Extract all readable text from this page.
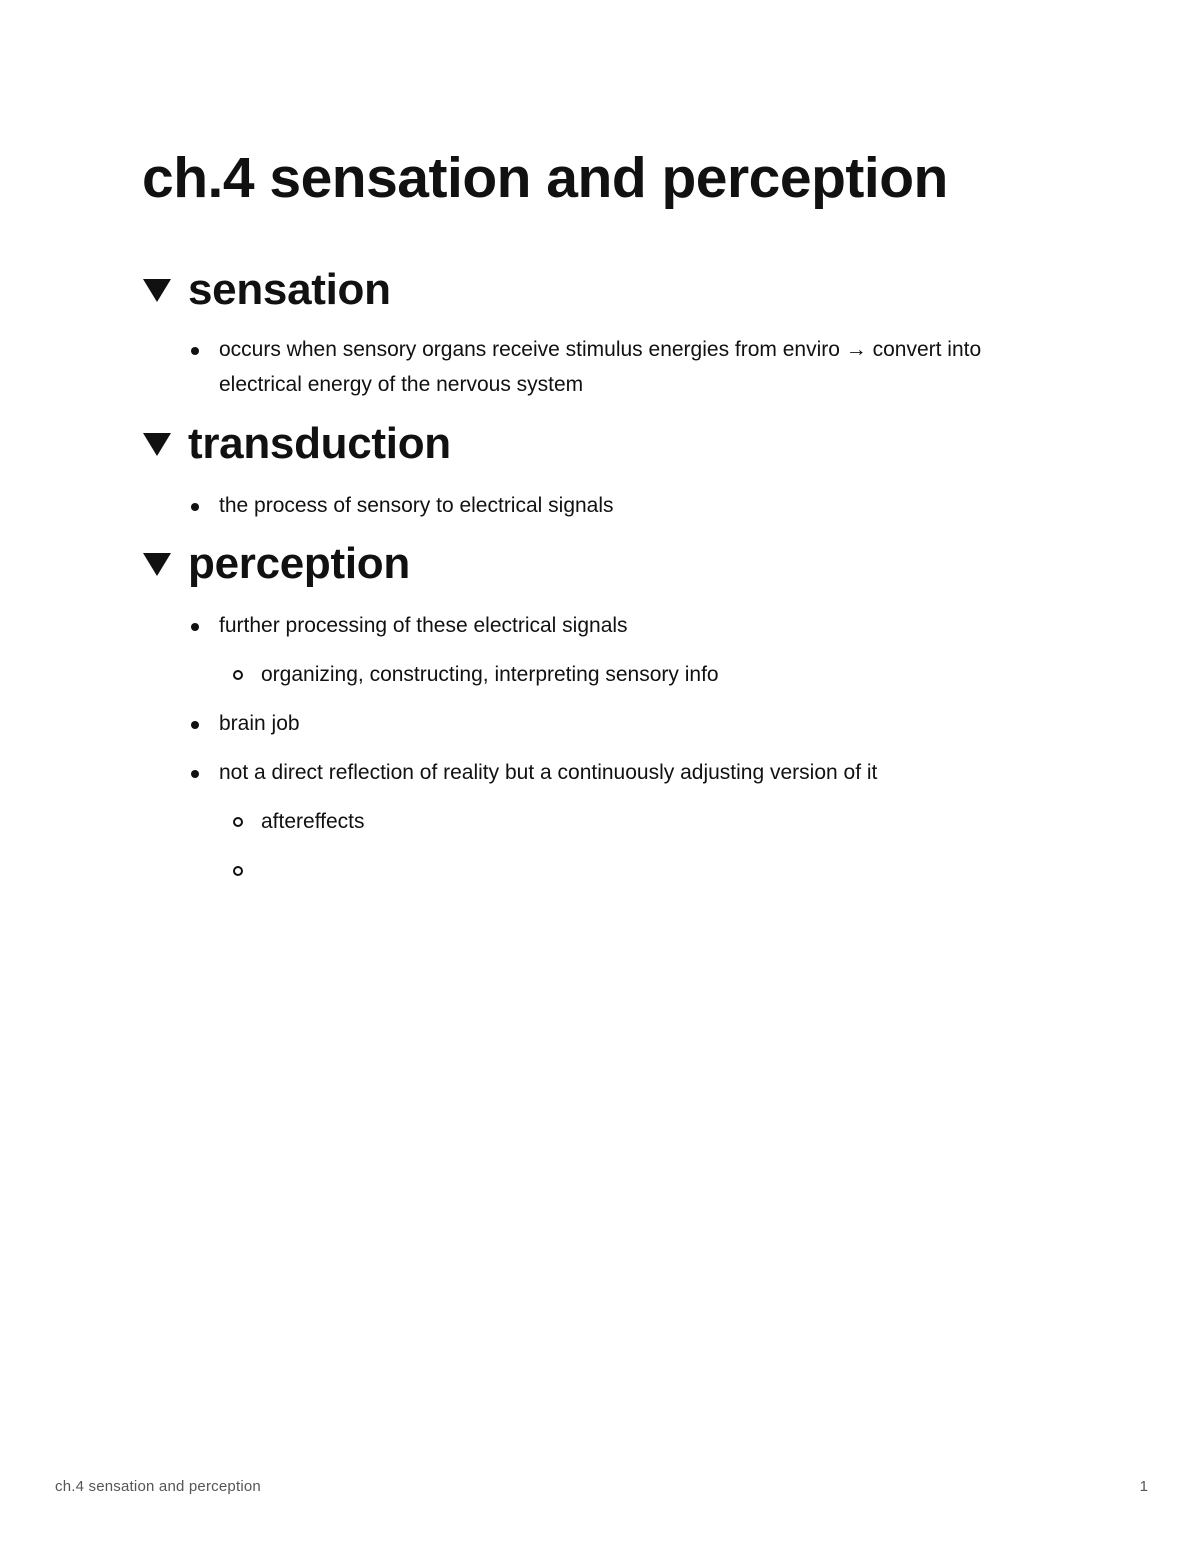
ch.4 sensation and perception
sensation
occurs when sensory organs receive stimulus energies from enviro → convert into electrical energy of the nervous system
transduction
the process of sensory to electrical signals
perception
further processing of these electrical signals
organizing, constructing, interpreting sensory info
brain job
not a direct reflection of reality but a continuously adjusting version of it
aftereffects
ch.4 sensation and perception	1
